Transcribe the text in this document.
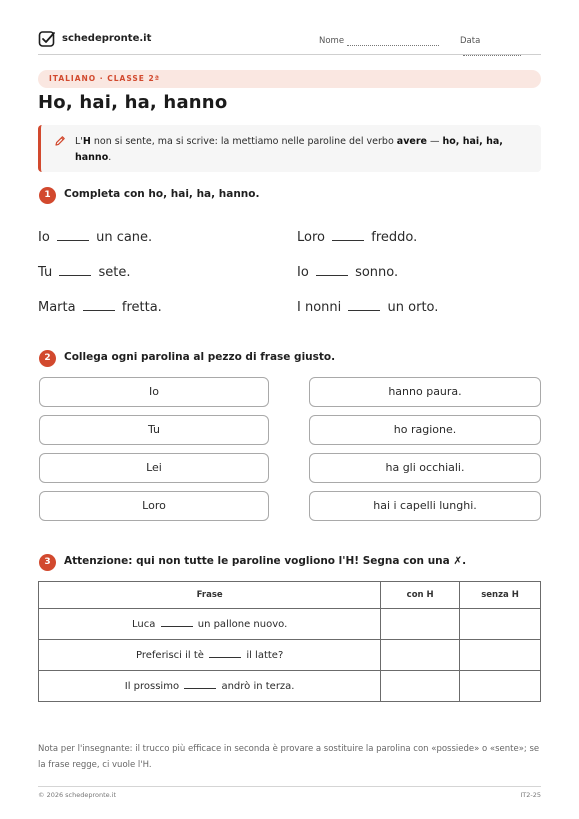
schedepronte.it	Nome	Data
ITALIANO · CLASSE 2ª
Ho, hai, ha, hanno
L'H non si sente, ma si scrive: la mettiamo nelle paroline del verbo avere — ho, hai, ha, hanno.
1	Completa con ho, hai, ha, hanno.
Io	un cane.	Loro	freddo.
Tu	sete.	Io	sonno.
Marta	fretta.	I nonni	un orto.
2	Collega ogni parolina al pezzo di frase giusto.
Io
Tu
Lei
Loro
hanno paura.
ho ragione.
ha gli occhiali.
hai i capelli lunghi.
3	Attenzione: qui non tutte le paroline vogliono l'H! Segna con una ✗.
Frase	con H	senza H
Luca un pallone nuovo.		
Preferisci il tè il latte?		
Il prossimo andrò in terza.		
Nota per l'insegnante: il trucco più efficace in seconda è provare a sostituire la parolina con «possiede» o «sente»; se la frase regge, ci vuole l'H.
© 2026 schedepronte.it	IT2-25
